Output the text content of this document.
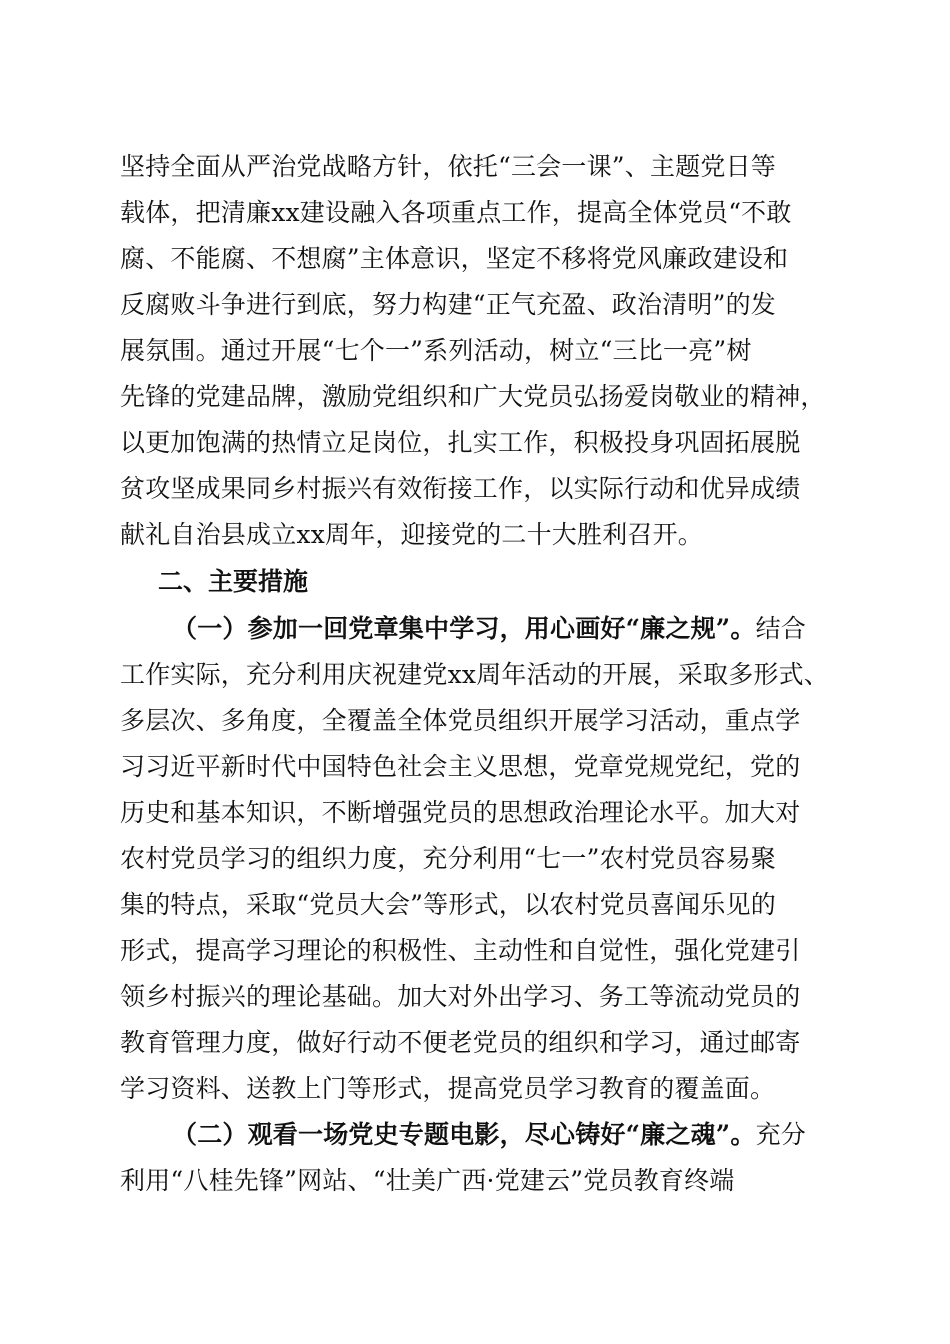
坚持全面从严治党战略方针，依托“三会一课”、主题党日等
载体，把清廉xx建设融入各项重点工作，提高全体党员“不敢
腐、不能腐、不想腐”主体意识，坚定不移将党风廉政建设和
反腐败斗争进行到底，努力构建“正气充盈、政治清明”的发
展氛围。通过开展“七个一”系列活动，树立“三比一亮”树
先锋的党建品牌，激励党组织和广大党员弘扬爱岗敬业的精神，
以更加饱满的热情立足岗位，扎实工作，积极投身巩固拓展脱
贫攻坚成果同乡村振兴有效衔接工作，以实际行动和优异成绩
献礼自治县成立xx周年，迎接党的二十大胜利召开。
二、主要措施
（一）参加一回党章集中学习，用心画好“廉之规”。结合
工作实际，充分利用庆祝建党xx周年活动的开展，采取多形式、
多层次、多角度，全覆盖全体党员组织开展学习活动，重点学
习习近平新时代中国特色社会主义思想，党章党规党纪，党的
历史和基本知识，不断增强党员的思想政治理论水平。加大对
农村党员学习的组织力度，充分利用“七一”农村党员容易聚
集的特点，采取“党员大会”等形式，以农村党员喜闻乐见的
形式，提高学习理论的积极性、主动性和自觉性，强化党建引
领乡村振兴的理论基础。加大对外出学习、务工等流动党员的
教育管理力度，做好行动不便老党员的组织和学习，通过邮寄
学习资料、送教上门等形式，提高党员学习教育的覆盖面。
（二）观看一场党史专题电影，尽心铸好“廉之魂”。充分
利用“八桂先锋”网站、“壮美广西·党建云”党员教育终端
